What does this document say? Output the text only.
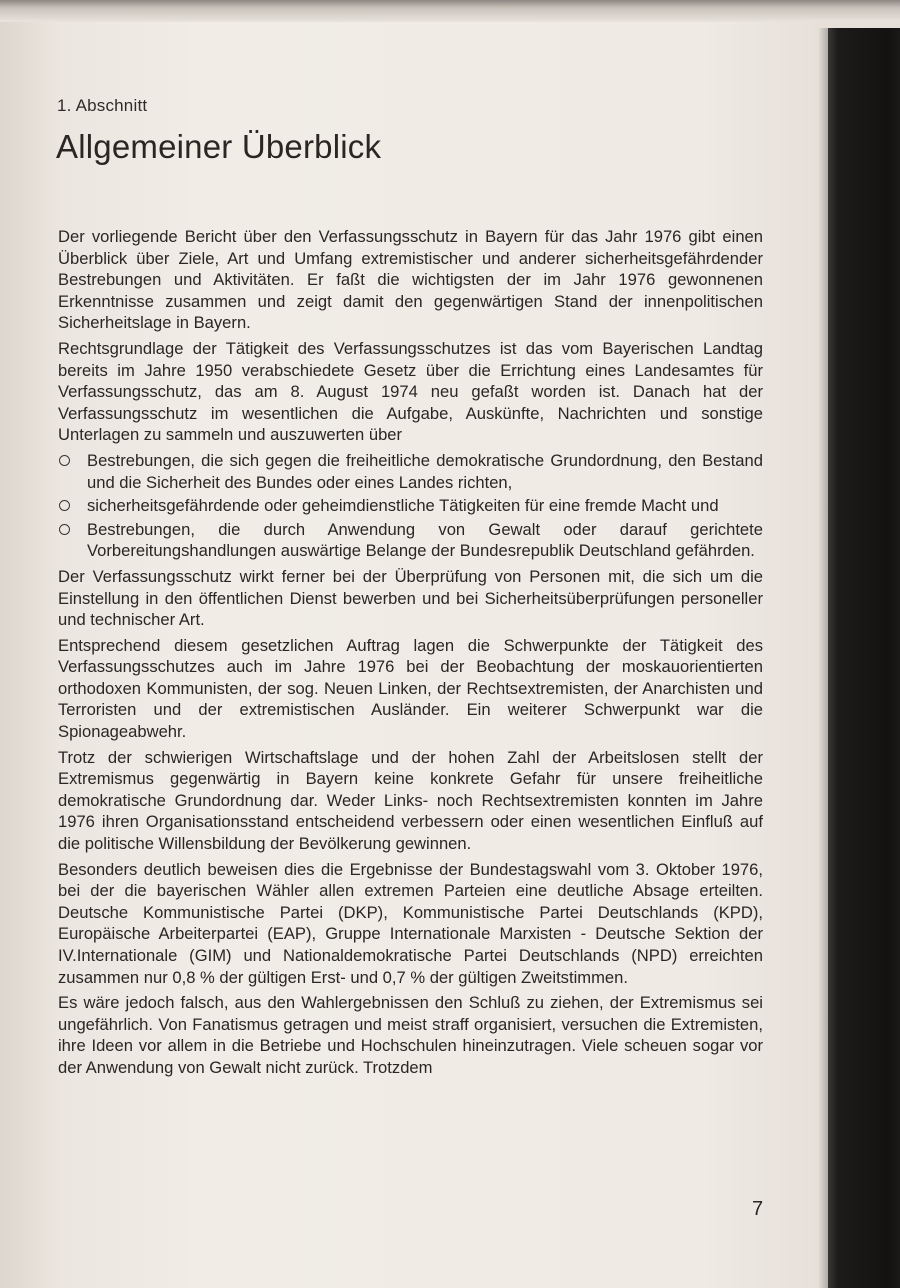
1. Abschnitt
Allgemeiner Überblick

Der vorliegende Bericht über den Verfassungsschutz in Bayern für das Jahr 1976 gibt einen Überblick über Ziele, Art und Umfang extremistischer und anderer sicherheitsgefährdender Bestrebungen und Aktivitäten. Er faßt die wichtigsten der im Jahr 1976 gewonnenen Erkenntnisse zusammen und zeigt damit den gegenwärtigen Stand der innenpolitischen Sicherheitslage in Bayern.

Rechtsgrundlage der Tätigkeit des Verfassungsschutzes ist das vom Bayerischen Landtag bereits im Jahre 1950 verabschiedete Gesetz über die Errichtung eines Landesamtes für Verfassungsschutz, das am 8. August 1974 neu gefaßt worden ist. Danach hat der Verfassungsschutz im wesentlichen die Aufgabe, Auskünfte, Nachrichten und sonstige Unterlagen zu sammeln und auszuwerten über

Bestrebungen, die sich gegen die freiheitliche demokratische Grundordnung, den Bestand und die Sicherheit des Bundes oder eines Landes richten,
sicherheitsgefährdende oder geheimdienstliche Tätigkeiten für eine fremde Macht und
Bestrebungen, die durch Anwendung von Gewalt oder darauf gerichtete Vorbereitungshandlungen auswärtige Belange der Bundesrepublik Deutschland gefährden.

Der Verfassungsschutz wirkt ferner bei der Überprüfung von Personen mit, die sich um die Einstellung in den öffentlichen Dienst bewerben und bei Sicherheitsüberprüfungen personeller und technischer Art.

Entsprechend diesem gesetzlichen Auftrag lagen die Schwerpunkte der Tätigkeit des Verfassungsschutzes auch im Jahre 1976 bei der Beobachtung der moskauorientierten orthodoxen Kommunisten, der sog. Neuen Linken, der Rechtsextremisten, der Anarchisten und Terroristen und der extremistischen Ausländer. Ein weiterer Schwerpunkt war die Spionageabwehr.

Trotz der schwierigen Wirtschaftslage und der hohen Zahl der Arbeitslosen stellt der Extremismus gegenwärtig in Bayern keine konkrete Gefahr für unsere freiheitliche demokratische Grundordnung dar. Weder Links- noch Rechtsextremisten konnten im Jahre 1976 ihren Organisationsstand entscheidend verbessern oder einen wesentlichen Einfluß auf die politische Willensbildung der Bevölkerung gewinnen.

Besonders deutlich beweisen dies die Ergebnisse der Bundestagswahl vom 3. Oktober 1976, bei der die bayerischen Wähler allen extremen Parteien eine deutliche Absage erteilten. Deutsche Kommunistische Partei (DKP), Kommunistische Partei Deutschlands (KPD), Europäische Arbeiterpartei (EAP), Gruppe Internationale Marxisten - Deutsche Sektion der IV.Internationale (GIM) und Nationaldemokratische Partei Deutschlands (NPD) erreichten zusammen nur 0,8 % der gültigen Erst- und 0,7 % der gültigen Zweitstimmen.

Es wäre jedoch falsch, aus den Wahlergebnissen den Schluß zu ziehen, der Extremismus sei ungefährlich. Von Fanatismus getragen und meist straff organisiert, versuchen die Extremisten, ihre Ideen vor allem in die Betriebe und Hochschulen hineinzutragen. Viele scheuen sogar vor der Anwendung von Gewalt nicht zurück. Trotzdem

7
